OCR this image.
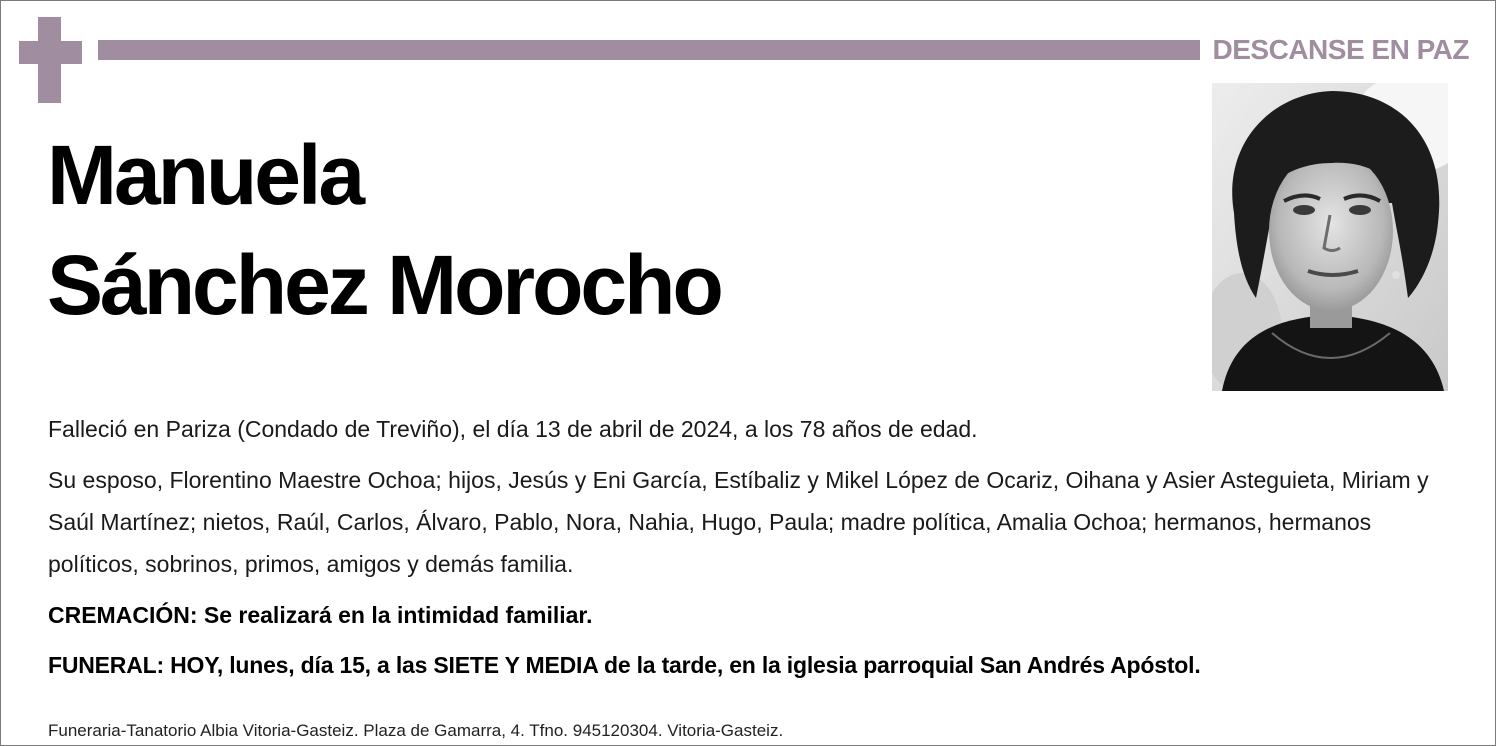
DESCANSE EN PAZ
Manuela
Sánchez Morocho

Falleció en Pariza (Condado de Treviño), el día 13 de abril de 2024, a los 78 años de edad.

Su esposo, Florentino Maestre Ochoa; hijos, Jesús y Eni García, Estíbaliz y Mikel López de Ocariz, Oihana y Asier Asteguieta, Miriam y Saúl Martínez; nietos, Raúl, Carlos, Álvaro, Pablo, Nora, Nahia, Hugo, Paula; madre política, Amalia Ochoa; hermanos, hermanos políticos, sobrinos, primos, amigos y demás familia.

CREMACIÓN: Se realizará en la intimidad familiar.

FUNERAL: HOY, lunes, día 15, a las SIETE Y MEDIA de la tarde, en la iglesia parroquial San Andrés Apóstol.

Funeraria-Tanatorio Albia Vitoria-Gasteiz. Plaza de Gamarra, 4. Tfno. 945120304. Vitoria-Gasteiz.
